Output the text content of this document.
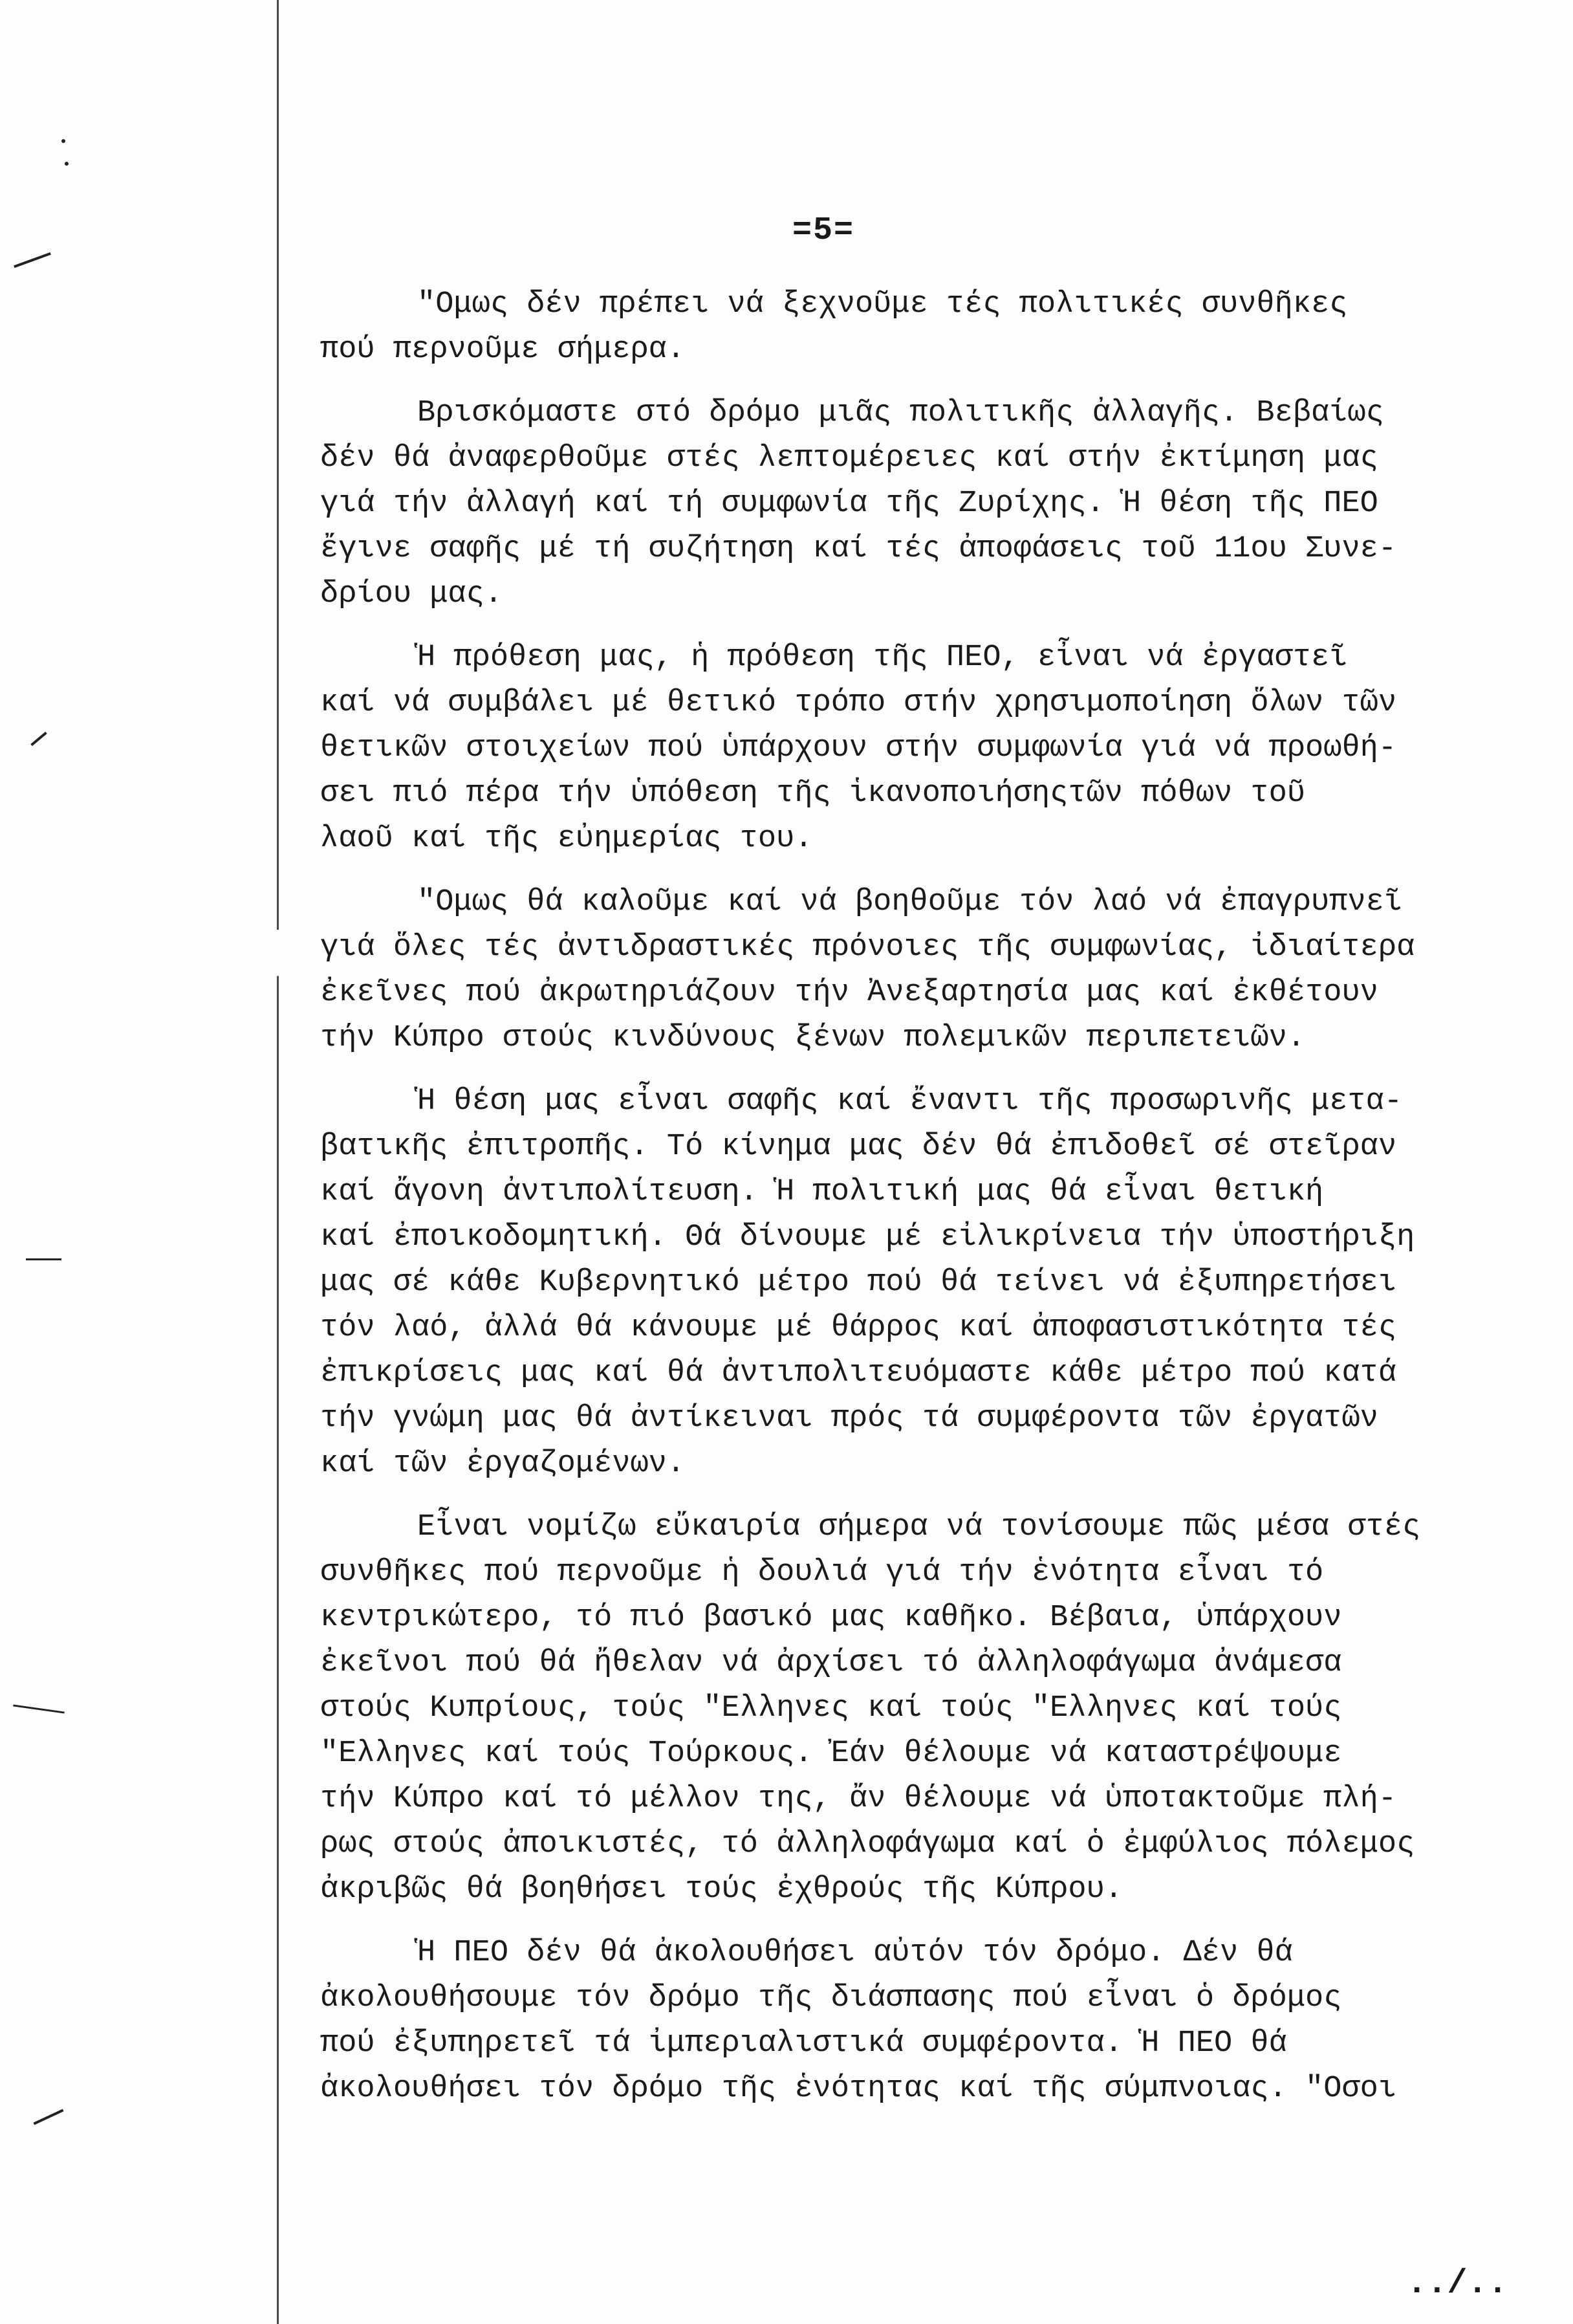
=5=
"Ομως δέν πρέπει νά ξεχνοῦμε τές πολιτικές συνθῆκες
πού περνοῦμε σήμερα.
Βρισκόμαστε στό δρόμο μιᾶς πολιτικῆς ἀλλαγῆς. Βεβαίως
δέν θά ἀναφερθοῦμε στές λεπτομέρειες καί στήν ἐκτίμηση μας
γιά τήν ἀλλαγή καί τή συμφωνία τῆς Ζυρίχης. Ἡ θέση τῆς ΠΕΟ
ἔγινε σαφῆς μέ τή συζήτηση καί τές ἀποφάσεις τοῦ 11ου Συνε-
δρίου μας.
Ἡ πρόθεση μας, ἡ πρόθεση τῆς ΠΕΟ, εἶναι νά ἐργαστεῖ
καί νά συμβάλει μέ θετικό τρόπο στήν χρησιμοποίηση ὅλων τῶν
θετικῶν στοιχείων πού ὑπάρχουν στήν συμφωνία γιά νά προωθή-
σει πιό πέρα τήν ὑπόθεση τῆς ἱκανοποιήσηςτῶν πόθων τοῦ
λαοῦ καί τῆς εὐημερίας του.
"Ομως θά καλοῦμε καί νά βοηθοῦμε τόν λαό νά ἐπαγρυπνεῖ
γιά ὅλες τές ἀντιδραστικές πρόνοιες τῆς συμφωνίας, ἰδιαίτερα
ἐκεῖνες πού ἀκρωτηριάζουν τήν Ἀνεξαρτησία μας καί ἐκθέτουν
τήν Κύπρο στούς κινδύνους ξένων πολεμικῶν περιπετειῶν.
Ἡ θέση μας εἶναι σαφῆς καί ἔναντι τῆς προσωρινῆς μετα-
βατικῆς ἐπιτροπῆς. Τό κίνημα μας δέν θά ἐπιδοθεῖ σέ στεῖραν
καί ἄγονη ἀντιπολίτευση. Ἡ πολιτική μας θά εἶναι θετική
καί ἐποικοδομητική. Θά δίνουμε μέ εἰλικρίνεια τήν ὑποστήριξη
μας σέ κάθε Κυβερνητικό μέτρο πού θά τείνει νά ἐξυπηρετήσει
τόν λαό, ἀλλά θά κάνουμε μέ θάρρος καί ἀποφασιστικότητα τές
ἐπικρίσεις μας καί θά ἀντιπολιτευόμαστε κάθε μέτρο πού κατά
τήν γνώμη μας θά ἀντίκειναι πρός τά συμφέροντα τῶν ἐργατῶν
καί τῶν ἐργαζομένων.
Εἶναι νομίζω εὔκαιρία σήμερα νά τονίσουμε πῶς μέσα στές
συνθῆκες πού περνοῦμε ἡ δουλιά γιά τήν ἑνότητα εἶναι τό
κεντρικώτερο, τό πιό βασικό μας καθῆκο. Βέβαια, ὑπάρχουν
ἐκεῖνοι πού θά ἤθελαν νά ἀρχίσει τό ἀλληλοφάγωμα ἀνάμεσα
στούς Κυπρίους, τούς "Ελληνες καί τούς "Ελληνες καί τούς
"Ελληνες καί τούς Τούρκους. Ἐάν θέλουμε νά καταστρέψουμε
τήν Κύπρο καί τό μέλλον της, ἄν θέλουμε νά ὑποτακτοῦμε πλή-
ρως στούς ἀποικιστές, τό ἀλληλοφάγωμα καί ὁ ἐμφύλιος πόλεμος
ἀκριβῶς θά βοηθήσει τούς ἐχθρούς τῆς Κύπρου.
Ἡ ΠΕΟ δέν θά ἀκολουθήσει αὐτόν τόν δρόμο. Δέν θά
ἀκολουθήσουμε τόν δρόμο τῆς διάσπασης πού εἶναι ὁ δρόμος
πού ἐξυπηρετεῖ τά ἰμπεριαλιστικά συμφέροντα. Ἡ ΠΕΟ θά
ἀκολουθήσει τόν δρόμο τῆς ἑνότητας καί τῆς σύμπνοιας. "Οσοι
../..
